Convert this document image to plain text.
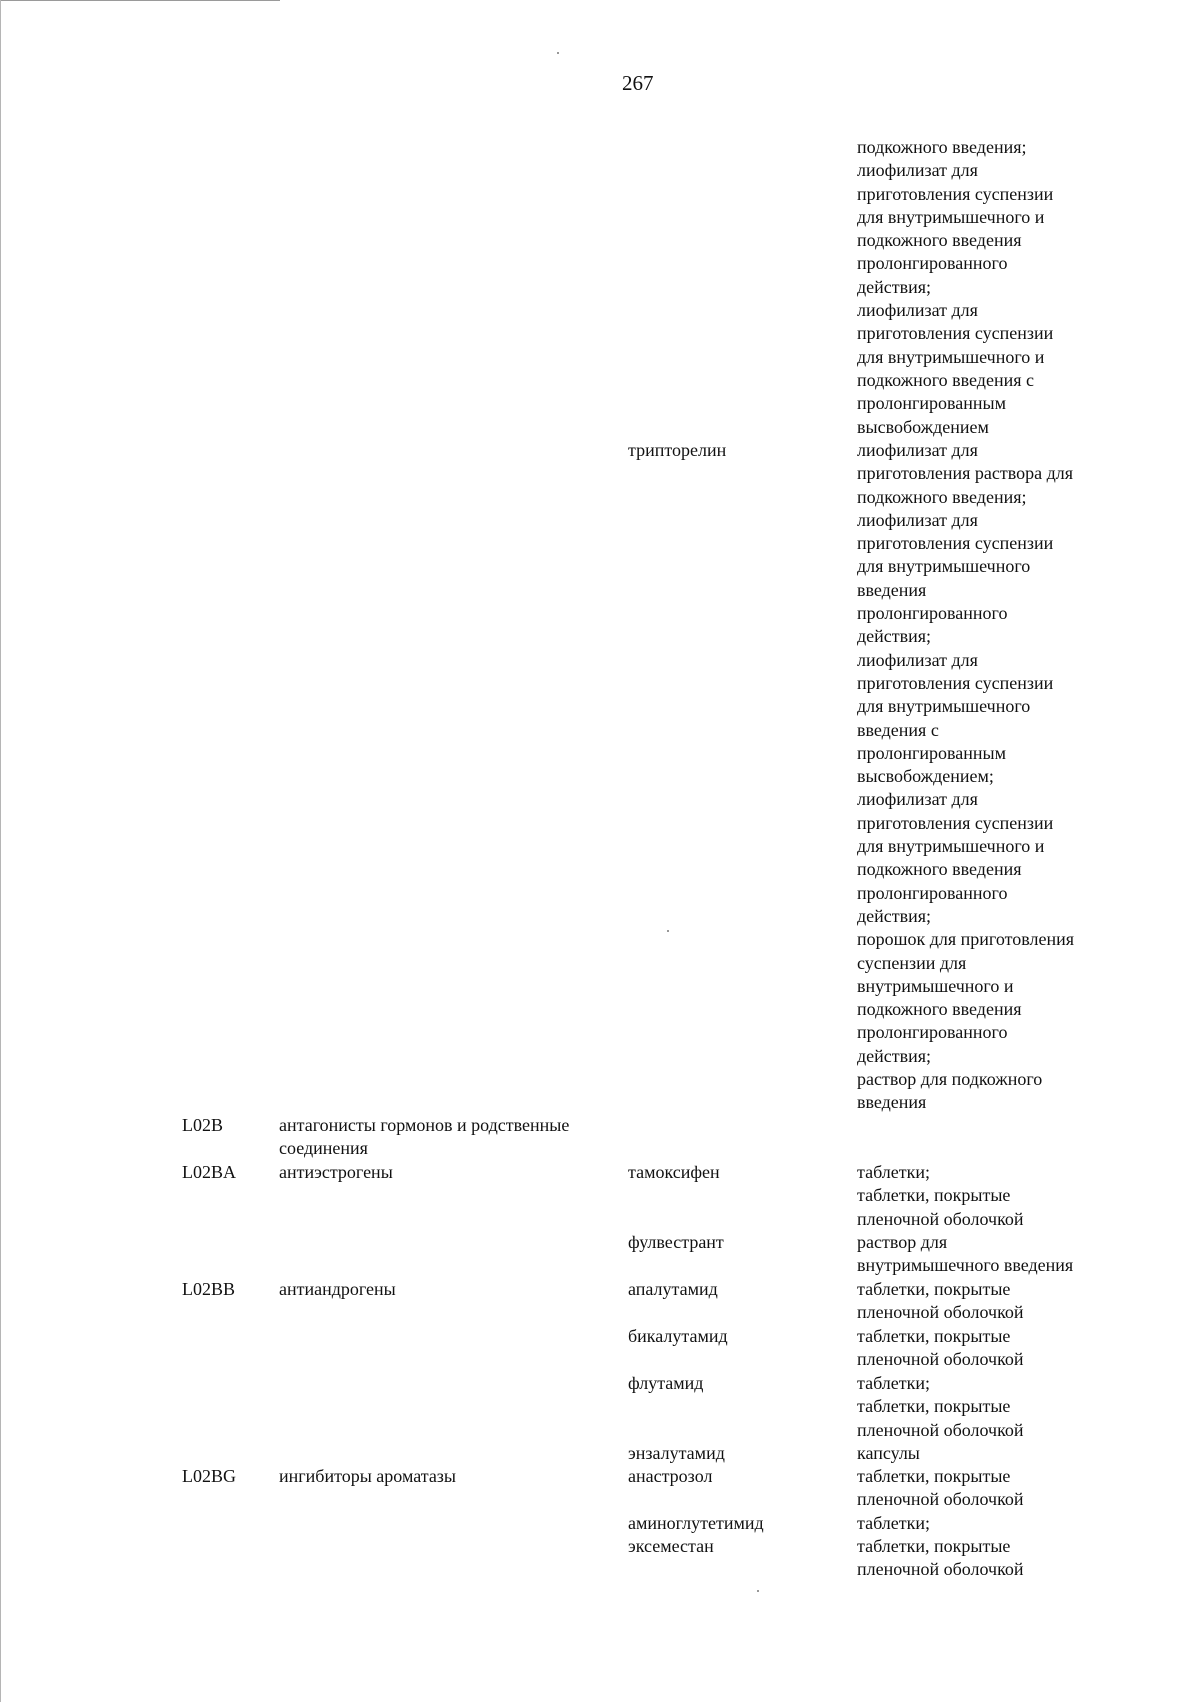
267
подкожного введения;
лиофилизат для
приготовления суспензии
для внутримышечного и
подкожного введения
пролонгированного
действия;
лиофилизат для
приготовления суспензии
для внутримышечного и
подкожного введения с
пролонгированным
высвобождением
трипторелин	лиофилизат для
приготовления раствора для
подкожного введения;
лиофилизат для
приготовления суспензии
для внутримышечного
введения
пролонгированного
действия;
лиофилизат для
приготовления суспензии
для внутримышечного
введения с
пролонгированным
высвобождением;
лиофилизат для
приготовления суспензии
для внутримышечного и
подкожного введения
пролонгированного
действия;
порошок для приготовления
суспензии для
внутримышечного и
подкожного введения
пролонгированного
действия;
раствор для подкожного
введения
L02B	антагонисты гормонов и родственные
соединения
L02BA	антиэстрогены	тамоксифен	таблетки;
таблетки, покрытые
пленочной оболочкой
фулвестрант	раствор для
внутримышечного введения
L02BB	антиандрогены	апалутамид	таблетки, покрытые
пленочной оболочкой
бикалутамид	таблетки, покрытые
пленочной оболочкой
флутамид	таблетки;
таблетки, покрытые
пленочной оболочкой
энзалутамид	капсулы
L02BG	ингибиторы ароматазы	анастрозол	таблетки, покрытые
пленочной оболочкой
аминоглутетимид	таблетки;
эксеместан	таблетки, покрытые
пленочной оболочкой
